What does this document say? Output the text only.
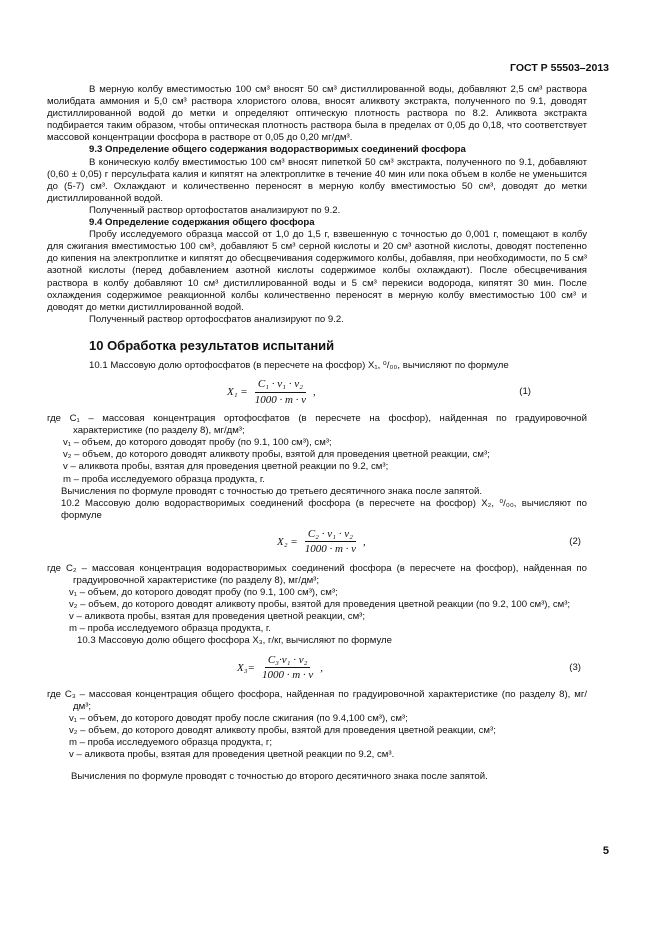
ГОСТ Р 55503–2013

В мерную колбу вместимостью 100 см³ вносят 50 см³ дистиллированной воды, добавляют 2,5 см³ раствора молибдата аммония и 5,0 см³ раствора хлористого олова, вносят аликвоту экстракта, полученного по 9.1, доводят дистиллированной водой до метки и определяют оптическую плотность раствора по 8.2. Аликвота экстракта подбирается таким образом, чтобы оптическая плотность раствора была в пределах от 0,05 до 0,18, что соответствует массовой концентрации фосфора в растворе от 0,05 до 0,20 мг/дм³.

9.3 Определение общего содержания водорастворимых соединений фосфора

В коническую колбу вместимостью 100 см³ вносят пипеткой 50 см³ экстракта, полученного по 9.1, добавляют (0,60 ± 0,05) г персульфата калия и кипятят на электроплитке в течение 40 мин или пока объем в колбе не уменьшится до (5-7) см³. Охлаждают и количественно переносят в мерную колбу вместимостью 50 см³, доводят до метки дистиллированной водой.

Полученный раствор ортофостатов анализируют по 9.2.

9.4 Определение содержания общего фосфора

Пробу исследуемого образца массой от 1,0 до 1,5 г, взвешенную с точностью до 0,001 г, помещают в колбу для сжигания вместимостью 100 см³, добавляют 5 см³ серной кислоты и 20 см³ азотной кислоты, доводят постепенно до кипения на электроплитке и кипятят до обесцвечивания содержимого колбы, добавляя, при необходимости, по 5 см³ азотной кислоты (перед добавлением азотной кислоты содержимое колбы охлаждают). После обесцвечивания раствора в колбу добавляют 10 см³ дистиллированной воды и 5 см³ перекиси водорода, кипятят 30 мин. После охлаждения содержимое реакционной колбы количественно переносят в мерную колбу вместимостью 100 см³ и доводят до метки дистиллированной водой.

Полученный раствор ортофосфатов анализируют по 9.2.

10 Обработка результатов испытаний

10.1 Массовую долю ортофосфатов (в пересчете на фосфор) X₁, ⁰/₀₀, вычисляют по формуле

$X_1 = \frac{\text{C₁ · v₁ · v₂}}{1000 \cdot m \cdot v}$ ,	(1)

где C₁ – массовая концентрация ортофосфатов (в пересчете на фосфор), найденная по градуировочной характеристике (по разделу 8), мг/дм³;

v₁ – объем, до которого доводят пробу (по 9.1, 100 см³), см³;

v₂ – объем, до которого доводят аликвоту пробы, взятой для проведения цветной реакции, см³;

v – аликвота пробы, взятая для проведения цветной реакции по 9.2, см³;

m – проба исследуемого образца продукта, г.

Вычисления по формуле проводят с точностью до третьего десятичного знака после запятой.

10.2 Массовую долю водорастворимых соединений фосфора (в пересчете на фосфор) X₂, ⁰/₀₀, вычисляют по формуле

$X_2 = \frac{\text{C₂ · v₁ · v₂}}{1000 \cdot m \cdot v}$ ,	(2)

где C₂ – массовая концентрация водорастворимых соединений фосфора (в пересчете на фосфор), найденная по градуировочной характеристике (по разделу 8), мг/дм³;

v₁ – объем, до которого доводят пробу (по 9.1, 100 см³), см³;

v₂ – объем, до которого доводят аликвоту пробы, взятой для проведения цветной реакции (по 9.2, 100 см³), см³;

v – аликвота пробы, взятая для проведения цветной реакции, см³;

m – проба исследуемого образца продукта, г.

10.3 Массовую долю общего фосфора X₃, г/кг, вычисляют по формуле

$X_3= \frac{\text{C₃·v₁ · v₂}}{1000 \cdot m \cdot v}$ ,	(3)

где C₃ – массовая концентрация общего фосфора, найденная по градуировочной характеристике (по разделу 8), мг/дм³;

v₁ – объем, до которого доводят пробу после сжигания (по 9.4,100 см³), см³;

v₂ – объем, до которого доводят аликвоту пробы, взятой для проведения цветной реакции, см³;

m – проба исследуемого образца продукта, г;

v – аликвота пробы, взятая для проведения цветной реакции по 9.2, см³.

Вычисления по формуле проводят с точностью до второго десятичного знака после запятой.

5
